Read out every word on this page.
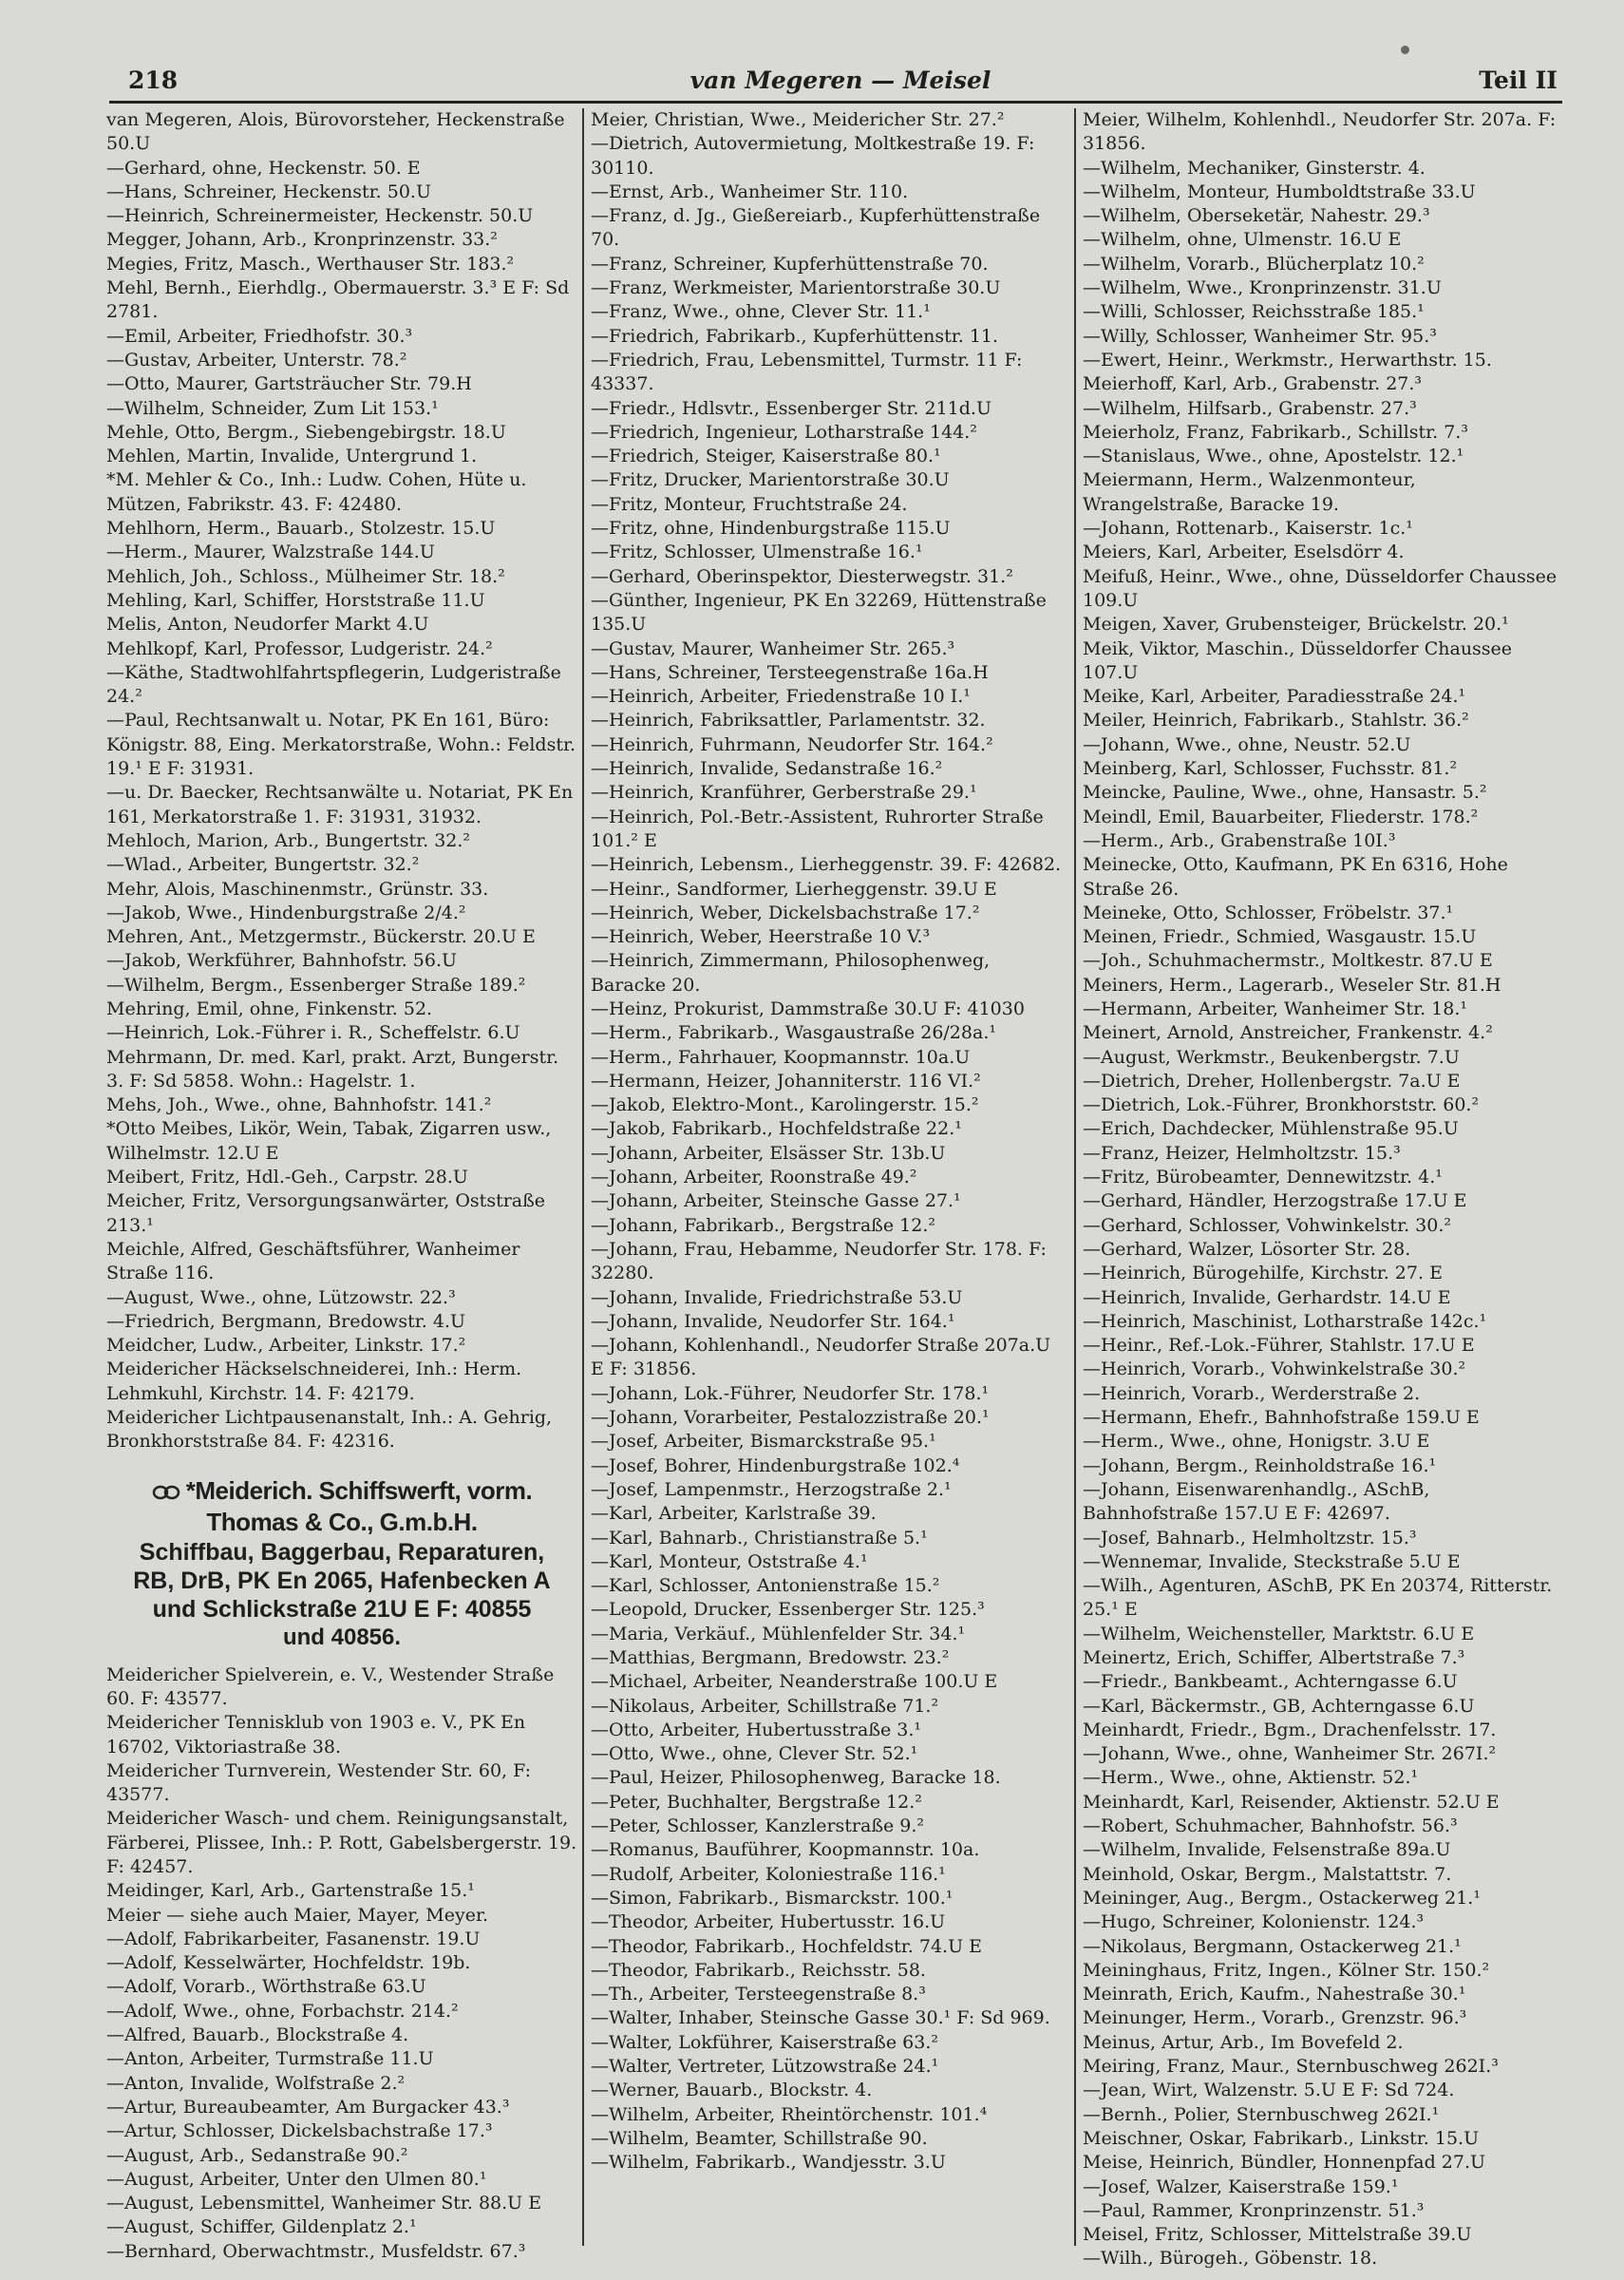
218	van Megeren — Meisel	Teil II

van Megeren, Alois, Bürovorsteher, Heckenstraße 50.U

—Gerhard, ohne, Heckenstr. 50. E

—Hans, Schreiner, Heckenstr. 50.U

—Heinrich, Schreinermeister, Heckenstr. 50.U

Megger, Johann, Arb., Kronprinzenstr. 33.²

Megies, Fritz, Masch., Werthauser Str. 183.²

Mehl, Bernh., Eierhdlg., Obermauerstr. 3.³ E F: Sd 2781.

—Emil, Arbeiter, Friedhofstr. 30.³

—Gustav, Arbeiter, Unterstr. 78.²

—Otto, Maurer, Gartsträucher Str. 79.H

—Wilhelm, Schneider, Zum Lit 153.¹

Mehle, Otto, Bergm., Siebengebirgstr. 18.U

Mehlen, Martin, Invalide, Untergrund 1.

*M. Mehler & Co., Inh.: Ludw. Cohen, Hüte u. Mützen, Fabrikstr. 43. F: 42480.

Mehlhorn, Herm., Bauarb., Stolzestr. 15.U

—Herm., Maurer, Walzstraße 144.U

Mehlich, Joh., Schloss., Mülheimer Str. 18.²

Mehling, Karl, Schiffer, Horststraße 11.U

Melis, Anton, Neudorfer Markt 4.U

Mehlkopf, Karl, Professor, Ludgeristr. 24.²

—Käthe, Stadtwohlfahrtspflegerin, Ludgeristraße 24.²

—Paul, Rechtsanwalt u. Notar, PK En 161, Büro: Königstr. 88, Eing. Merkatorstraße, Wohn.: Feldstr. 19.¹ E F: 31931.

—u. Dr. Baecker, Rechtsanwälte u. Notariat, PK En 161, Merkatorstraße 1. F: 31931, 31932.

Mehloch, Marion, Arb., Bungertstr. 32.²

—Wlad., Arbeiter, Bungertstr. 32.²

Mehr, Alois, Maschinenmstr., Grünstr. 33.

—Jakob, Wwe., Hindenburgstraße 2/4.²

Mehren, Ant., Metzgermstr., Bückerstr. 20.U E

—Jakob, Werkführer, Bahnhofstr. 56.U

—Wilhelm, Bergm., Essenberger Straße 189.²

Mehring, Emil, ohne, Finkenstr. 52.

—Heinrich, Lok.-Führer i. R., Scheffelstr. 6.U

Mehrmann, Dr. med. Karl, prakt. Arzt, Bungerstr. 3. F: Sd 5858. Wohn.: Hagelstr. 1.

Mehs, Joh., Wwe., ohne, Bahnhofstr. 141.²

*Otto Meibes, Likör, Wein, Tabak, Zigarren usw., Wilhelmstr. 12.U E

Meibert, Fritz, Hdl.-Geh., Carpstr. 28.U

Meicher, Fritz, Versorgungsanwärter, Oststraße 213.¹

Meichle, Alfred, Geschäftsführer, Wanheimer Straße 116.

—August, Wwe., ohne, Lützowstr. 22.³

—Friedrich, Bergmann, Bredowstr. 4.U

Meidcher, Ludw., Arbeiter, Linkstr. 17.²

Meidericher Häckselschneiderei, Inh.: Herm. Lehmkuhl, Kirchstr. 14. F: 42179.

Meidericher Lichtpausenanstalt, Inh.: A. Gehrig, Bronkhorststraße 84. F: 42316.

*Meiderich. Schiffswerft, vorm. Thomas & Co., G.m.b.H.
Schiffbau, Baggerbau, Reparaturen,
RB, DrB, PK En 2065, Hafenbecken A
und Schlickstraße 21U E F: 40855
und 40856.

Meidericher Spielverein, e. V., Westender Straße 60. F: 43577.

Meidericher Tennisklub von 1903 e. V., PK En 16702, Viktoriastraße 38.

Meidericher Turnverein, Westender Str. 60, F: 43577.

Meidericher Wasch- und chem. Reinigungsanstalt, Färberei, Plissee, Inh.: P. Rott, Gabelsbergerstr. 19. F: 42457.

Meidinger, Karl, Arb., Gartenstraße 15.¹

Meier — siehe auch Maier, Mayer, Meyer.

—Adolf, Fabrikarbeiter, Fasanenstr. 19.U

—Adolf, Kesselwärter, Hochfeldstr. 19b.

—Adolf, Vorarb., Wörthstraße 63.U

—Adolf, Wwe., ohne, Forbachstr. 214.²

—Alfred, Bauarb., Blockstraße 4.

—Anton, Arbeiter, Turmstraße 11.U

—Anton, Invalide, Wolfstraße 2.²

—Artur, Bureaubeamter, Am Burgacker 43.³

—Artur, Schlosser, Dickelsbachstraße 17.³

—August, Arb., Sedanstraße 90.²

—August, Arbeiter, Unter den Ulmen 80.¹

—August, Lebensmittel, Wanheimer Str. 88.U E

—August, Schiffer, Gildenplatz 2.¹

—Bernhard, Oberwachtmstr., Musfeldstr. 67.³

Meier, Christian, Wwe., Meidericher Str. 27.²

—Dietrich, Autovermietung, Moltkestraße 19. F: 30110.

—Ernst, Arb., Wanheimer Str. 110.

—Franz, d. Jg., Gießereiarb., Kupferhüttenstraße 70.

—Franz, Schreiner, Kupferhüttenstraße 70.

—Franz, Werkmeister, Marientorstraße 30.U

—Franz, Wwe., ohne, Clever Str. 11.¹

—Friedrich, Fabrikarb., Kupferhüttenstr. 11.

—Friedrich, Frau, Lebensmittel, Turmstr. 11 F: 43337.

—Friedr., Hdlsvtr., Essenberger Str. 211d.U

—Friedrich, Ingenieur, Lotharstraße 144.²

—Friedrich, Steiger, Kaiserstraße 80.¹

—Fritz, Drucker, Marientorstraße 30.U

—Fritz, Monteur, Fruchtstraße 24.

—Fritz, ohne, Hindenburgstraße 115.U

—Fritz, Schlosser, Ulmenstraße 16.¹

—Gerhard, Oberinspektor, Diesterwegstr. 31.²

—Günther, Ingenieur, PK En 32269, Hüttenstraße 135.U

—Gustav, Maurer, Wanheimer Str. 265.³

—Hans, Schreiner, Tersteegenstraße 16a.H

—Heinrich, Arbeiter, Friedenstraße 10 I.¹

—Heinrich, Fabriksattler, Parlamentstr. 32.

—Heinrich, Fuhrmann, Neudorfer Str. 164.²

—Heinrich, Invalide, Sedanstraße 16.²

—Heinrich, Kranführer, Gerberstraße 29.¹

—Heinrich, Pol.-Betr.-Assistent, Ruhrorter Straße 101.² E

—Heinrich, Lebensm., Lierheggenstr. 39. F: 42682.

—Heinr., Sandformer, Lierheggenstr. 39.U E

—Heinrich, Weber, Dickelsbachstraße 17.²

—Heinrich, Weber, Heerstraße 10 V.³

—Heinrich, Zimmermann, Philosophenweg, Baracke 20.

—Heinz, Prokurist, Dammstraße 30.U F: 41030

—Herm., Fabrikarb., Wasgaustraße 26/28a.¹

—Herm., Fahrhauer, Koopmannstr. 10a.U

—Hermann, Heizer, Johanniterstr. 116 VI.²

—Jakob, Elektro-Mont., Karolingerstr. 15.²

—Jakob, Fabrikarb., Hochfeldstraße 22.¹

—Johann, Arbeiter, Elsässer Str. 13b.U

—Johann, Arbeiter, Roonstraße 49.²

—Johann, Arbeiter, Steinsche Gasse 27.¹

—Johann, Fabrikarb., Bergstraße 12.²

—Johann, Frau, Hebamme, Neudorfer Str. 178. F: 32280.

—Johann, Invalide, Friedrichstraße 53.U

—Johann, Invalide, Neudorfer Str. 164.¹

—Johann, Kohlenhandl., Neudorfer Straße 207a.U E F: 31856.

—Johann, Lok.-Führer, Neudorfer Str. 178.¹

—Johann, Vorarbeiter, Pestalozzistraße 20.¹

—Josef, Arbeiter, Bismarckstraße 95.¹

—Josef, Bohrer, Hindenburgstraße 102.⁴

—Josef, Lampenmstr., Herzogstraße 2.¹

—Karl, Arbeiter, Karlstraße 39.

—Karl, Bahnarb., Christianstraße 5.¹

—Karl, Monteur, Oststraße 4.¹

—Karl, Schlosser, Antonienstraße 15.²

—Leopold, Drucker, Essenberger Str. 125.³

—Maria, Verkäuf., Mühlenfelder Str. 34.¹

—Matthias, Bergmann, Bredowstr. 23.²

—Michael, Arbeiter, Neanderstraße 100.U E

—Nikolaus, Arbeiter, Schillstraße 71.²

—Otto, Arbeiter, Hubertusstraße 3.¹

—Otto, Wwe., ohne, Clever Str. 52.¹

—Paul, Heizer, Philosophenweg, Baracke 18.

—Peter, Buchhalter, Bergstraße 12.²

—Peter, Schlosser, Kanzlerstraße 9.²

—Romanus, Bauführer, Koopmannstr. 10a.

—Rudolf, Arbeiter, Koloniestraße 116.¹

—Simon, Fabrikarb., Bismarckstr. 100.¹

—Theodor, Arbeiter, Hubertusstr. 16.U

—Theodor, Fabrikarb., Hochfeldstr. 74.U E

—Theodor, Fabrikarb., Reichsstr. 58.

—Th., Arbeiter, Tersteegenstraße 8.³

—Walter, Inhaber, Steinsche Gasse 30.¹ F: Sd 969.

—Walter, Lokführer, Kaiserstraße 63.²

—Walter, Vertreter, Lützowstraße 24.¹

—Werner, Bauarb., Blockstr. 4.

—Wilhelm, Arbeiter, Rheintörchenstr. 101.⁴

—Wilhelm, Beamter, Schillstraße 90.

—Wilhelm, Fabrikarb., Wandjesstr. 3.U

Meier, Wilhelm, Kohlenhdl., Neudorfer Str. 207a. F: 31856.

—Wilhelm, Mechaniker, Ginsterstr. 4.

—Wilhelm, Monteur, Humboldtstraße 33.U

—Wilhelm, Oberseketär, Nahestr. 29.³

—Wilhelm, ohne, Ulmenstr. 16.U E

—Wilhelm, Vorarb., Blücherplatz 10.²

—Wilhelm, Wwe., Kronprinzenstr. 31.U

—Willi, Schlosser, Reichsstraße 185.¹

—Willy, Schlosser, Wanheimer Str. 95.³

—Ewert, Heinr., Werkmstr., Herwarthstr. 15.

Meierhoff, Karl, Arb., Grabenstr. 27.³

—Wilhelm, Hilfsarb., Grabenstr. 27.³

Meierholz, Franz, Fabrikarb., Schillstr. 7.³

—Stanislaus, Wwe., ohne, Apostelstr. 12.¹

Meiermann, Herm., Walzenmonteur, Wrangelstraße, Baracke 19.

—Johann, Rottenarb., Kaiserstr. 1c.¹

Meiers, Karl, Arbeiter, Eselsdörr 4.

Meifuß, Heinr., Wwe., ohne, Düsseldorfer Chaussee 109.U

Meigen, Xaver, Grubensteiger, Brückelstr. 20.¹

Meik, Viktor, Maschin., Düsseldorfer Chaussee 107.U

Meike, Karl, Arbeiter, Paradiesstraße 24.¹

Meiler, Heinrich, Fabrikarb., Stahlstr. 36.²

—Johann, Wwe., ohne, Neustr. 52.U

Meinberg, Karl, Schlosser, Fuchsstr. 81.²

Meincke, Pauline, Wwe., ohne, Hansastr. 5.²

Meindl, Emil, Bauarbeiter, Fliederstr. 178.²

—Herm., Arb., Grabenstraße 10I.³

Meinecke, Otto, Kaufmann, PK En 6316, Hohe Straße 26.

Meineke, Otto, Schlosser, Fröbelstr. 37.¹

Meinen, Friedr., Schmied, Wasgaustr. 15.U

—Joh., Schuhmachermstr., Moltkestr. 87.U E

Meiners, Herm., Lagerarb., Weseler Str. 81.H

—Hermann, Arbeiter, Wanheimer Str. 18.¹

Meinert, Arnold, Anstreicher, Frankenstr. 4.²

—August, Werkmstr., Beukenbergstr. 7.U

—Dietrich, Dreher, Hollenbergstr. 7a.U E

—Dietrich, Lok.-Führer, Bronkhorststr. 60.²

—Erich, Dachdecker, Mühlenstraße 95.U

—Franz, Heizer, Helmholtzstr. 15.³

—Fritz, Bürobeamter, Dennewitzstr. 4.¹

—Gerhard, Händler, Herzogstraße 17.U E

—Gerhard, Schlosser, Vohwinkelstr. 30.²

—Gerhard, Walzer, Lösorter Str. 28.

—Heinrich, Bürogehilfe, Kirchstr. 27. E

—Heinrich, Invalide, Gerhardstr. 14.U E

—Heinrich, Maschinist, Lotharstraße 142c.¹

—Heinr., Ref.-Lok.-Führer, Stahlstr. 17.U E

—Heinrich, Vorarb., Vohwinkelstraße 30.²

—Heinrich, Vorarb., Werderstraße 2.

—Hermann, Ehefr., Bahnhofstraße 159.U E

—Herm., Wwe., ohne, Honigstr. 3.U E

—Johann, Bergm., Reinholdstraße 16.¹

—Johann, Eisenwarenhandlg., ASchB, Bahnhofstraße 157.U E F: 42697.

—Josef, Bahnarb., Helmholtzstr. 15.³

—Wennemar, Invalide, Steckstraße 5.U E

—Wilh., Agenturen, ASchB, PK En 20374, Ritterstr. 25.¹ E

—Wilhelm, Weichensteller, Marktstr. 6.U E

Meinertz, Erich, Schiffer, Albertstraße 7.³

—Friedr., Bankbeamt., Achterngasse 6.U

—Karl, Bäckermstr., GB, Achterngasse 6.U

Meinhardt, Friedr., Bgm., Drachenfelsstr. 17.

—Johann, Wwe., ohne, Wanheimer Str. 267I.²

—Herm., Wwe., ohne, Aktienstr. 52.¹

Meinhardt, Karl, Reisender, Aktienstr. 52.U E

—Robert, Schuhmacher, Bahnhofstr. 56.³

—Wilhelm, Invalide, Felsenstraße 89a.U

Meinhold, Oskar, Bergm., Malstattstr. 7.

Meininger, Aug., Bergm., Ostackerweg 21.¹

—Hugo, Schreiner, Kolonienstr. 124.³

—Nikolaus, Bergmann, Ostackerweg 21.¹

Meininghaus, Fritz, Ingen., Kölner Str. 150.²

Meinrath, Erich, Kaufm., Nahestraße 30.¹

Meinunger, Herm., Vorarb., Grenzstr. 96.³

Meinus, Artur, Arb., Im Bovefeld 2.

Meiring, Franz, Maur., Sternbuschweg 262I.³

—Jean, Wirt, Walzenstr. 5.U E F: Sd 724.

—Bernh., Polier, Sternbuschweg 262I.¹

Meischner, Oskar, Fabrikarb., Linkstr. 15.U

Meise, Heinrich, Bündler, Honnenpfad 27.U

—Josef, Walzer, Kaiserstraße 159.¹

—Paul, Rammer, Kronprinzenstr. 51.³

Meisel, Fritz, Schlosser, Mittelstraße 39.U

—Wilh., Bürogeh., Göbenstr. 18.
